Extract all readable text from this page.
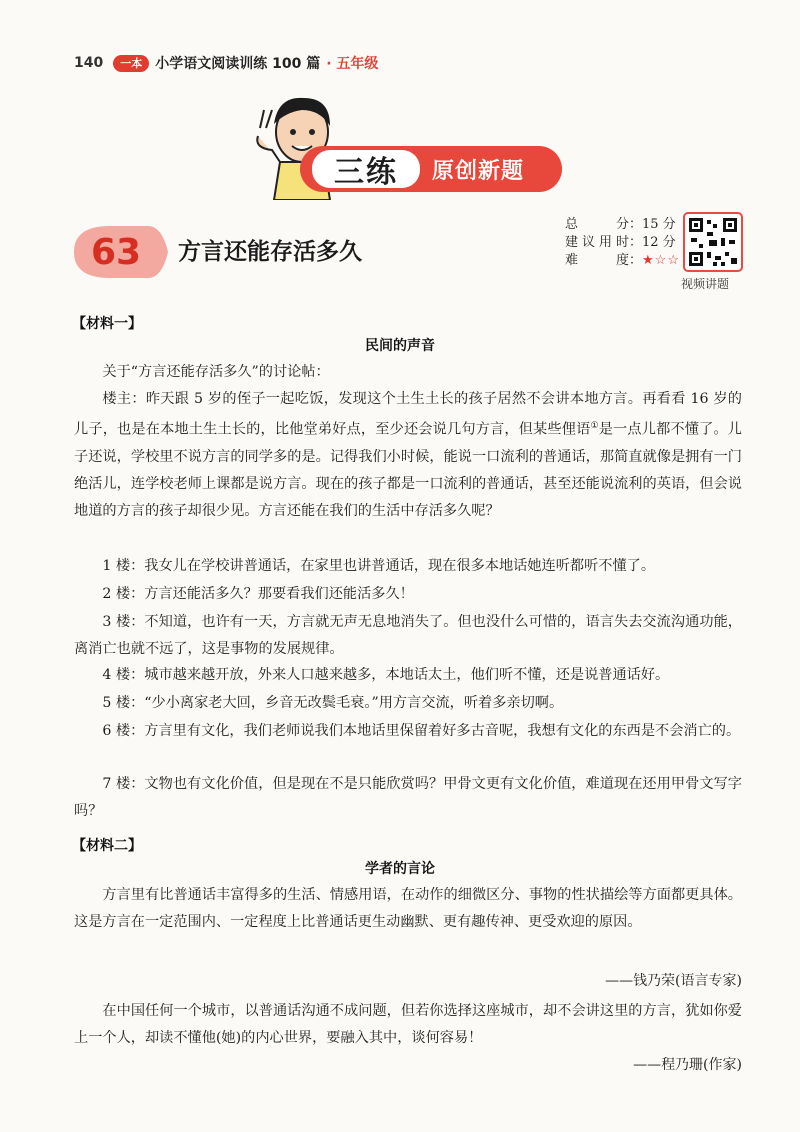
140	一本 小学语文阅读训练 100 篇 · 五年级
三练	原创新题
63 方言还能存活多久
总 分：15 分
建议用时：12 分
难 度：★☆☆
视频讲题
【材料一】
民间的声音

关于“方言还能存活多久”的讨论帖：

楼主：昨天跟 5 岁的侄子一起吃饭，发现这个土生土长的孩子居然不会讲本地方言。再看看 16 岁的儿子，也是在本地土生土长的，比他堂弟好点，至少还会说几句方言，但某些俚语①是一点儿都不懂了。儿子还说，学校里不说方言的同学多的是。记得我们小时候，能说一口流利的普通话，那简直就像是拥有一门绝活儿，连学校老师上课都是说方言。现在的孩子都是一口流利的普通话，甚至还能说流利的英语，但会说地道的方言的孩子却很少见。方言还能在我们的生活中存活多久呢？

1 楼：我女儿在学校讲普通话，在家里也讲普通话，现在很多本地话她连听都听不懂了。

2 楼：方言还能活多久？那要看我们还能活多久！

3 楼：不知道，也许有一天，方言就无声无息地消失了。但也没什么可惜的，语言失去交流沟通功能，离消亡也就不远了，这是事物的发展规律。

4 楼：城市越来越开放，外来人口越来越多，本地话太土，他们听不懂，还是说普通话好。

5 楼：“少小离家老大回，乡音无改鬓毛衰。”用方言交流，听着多亲切啊。

6 楼：方言里有文化，我们老师说我们本地话里保留着好多古音呢，我想有文化的东西是不会消亡的。

7 楼：文物也有文化价值，但是现在不是只能欣赏吗？甲骨文更有文化价值，难道现在还用甲骨文写字吗？

【材料二】
学者的言论

方言里有比普通话丰富得多的生活、情感用语，在动作的细微区分、事物的性状描绘等方面都更具体。这是方言在一定范围内、一定程度上比普通话更生动幽默、更有趣传神、更受欢迎的原因。

——钱乃荣(语言专家)

在中国任何一个城市，以普通话沟通不成问题，但若你选择这座城市，却不会讲这里的方言，犹如你爱上一个人，却读不懂他(她)的内心世界，要融入其中，谈何容易！

——程乃珊(作家)
